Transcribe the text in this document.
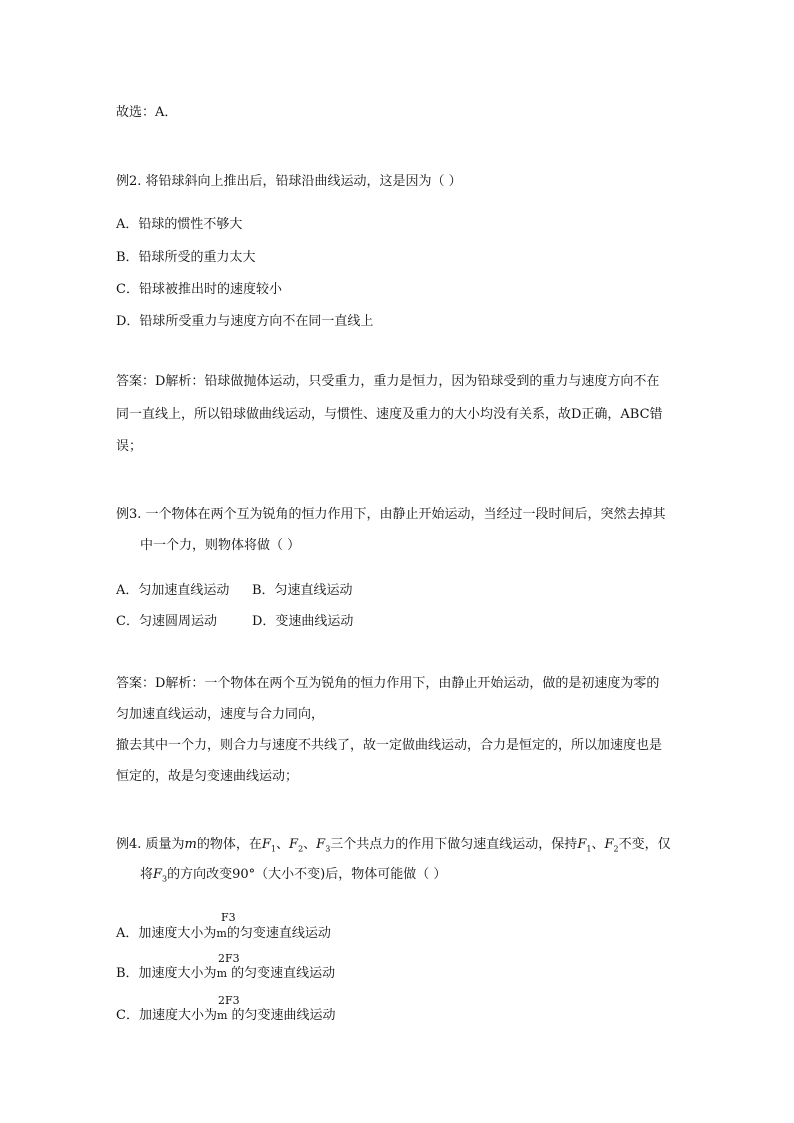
故选：A．
例2. 将铅球斜向上推出后，铅球沿曲线运动，这是因为（ ）
A．铅球的惯性不够大
B．铅球所受的重力太大
C．铅球被推出时的速度较小
D．铅球所受重力与速度方向不在同一直线上
答案：D解析：铅球做抛体运动，只受重力，重力是恒力，因为铅球受到的重力与速度方向不在
同一直线上，所以铅球做曲线运动，与惯性、速度及重力的大小均没有关系，故D正确，ABC错
误；
例3. 一个物体在两个互为锐角的恒力作用下，由静止开始运动，当经过一段时间后，突然去掉其
中一个力，则物体将做（ ）
A．匀加速直线运动 B．匀速直线运动
C．匀速圆周运动	D．变速曲线运动
答案：D解析：一个物体在两个互为锐角的恒力作用下，由静止开始运动，做的是初速度为零的
匀加速直线运动，速度与合力同向，
撤去其中一个力，则合力与速度不共线了，故一定做曲线运动，合力是恒定的，所以加速度也是
恒定的，故是匀变速曲线运动；
例4. 质量为m的物体，在$F_1$、$F_2$、$F_3$三个共点力的作用下做匀速直线运动，保持$F_1$、$F_2$不变，仅
将$F_3$的方向改变90°（大小不变)后，物体可能做（ ）
F3
A．加速度大小为m的匀变速直线运动
2F3
B．加速度大小为m 的匀变速直线运动
2F3
C．加速度大小为m 的匀变速曲线运动
